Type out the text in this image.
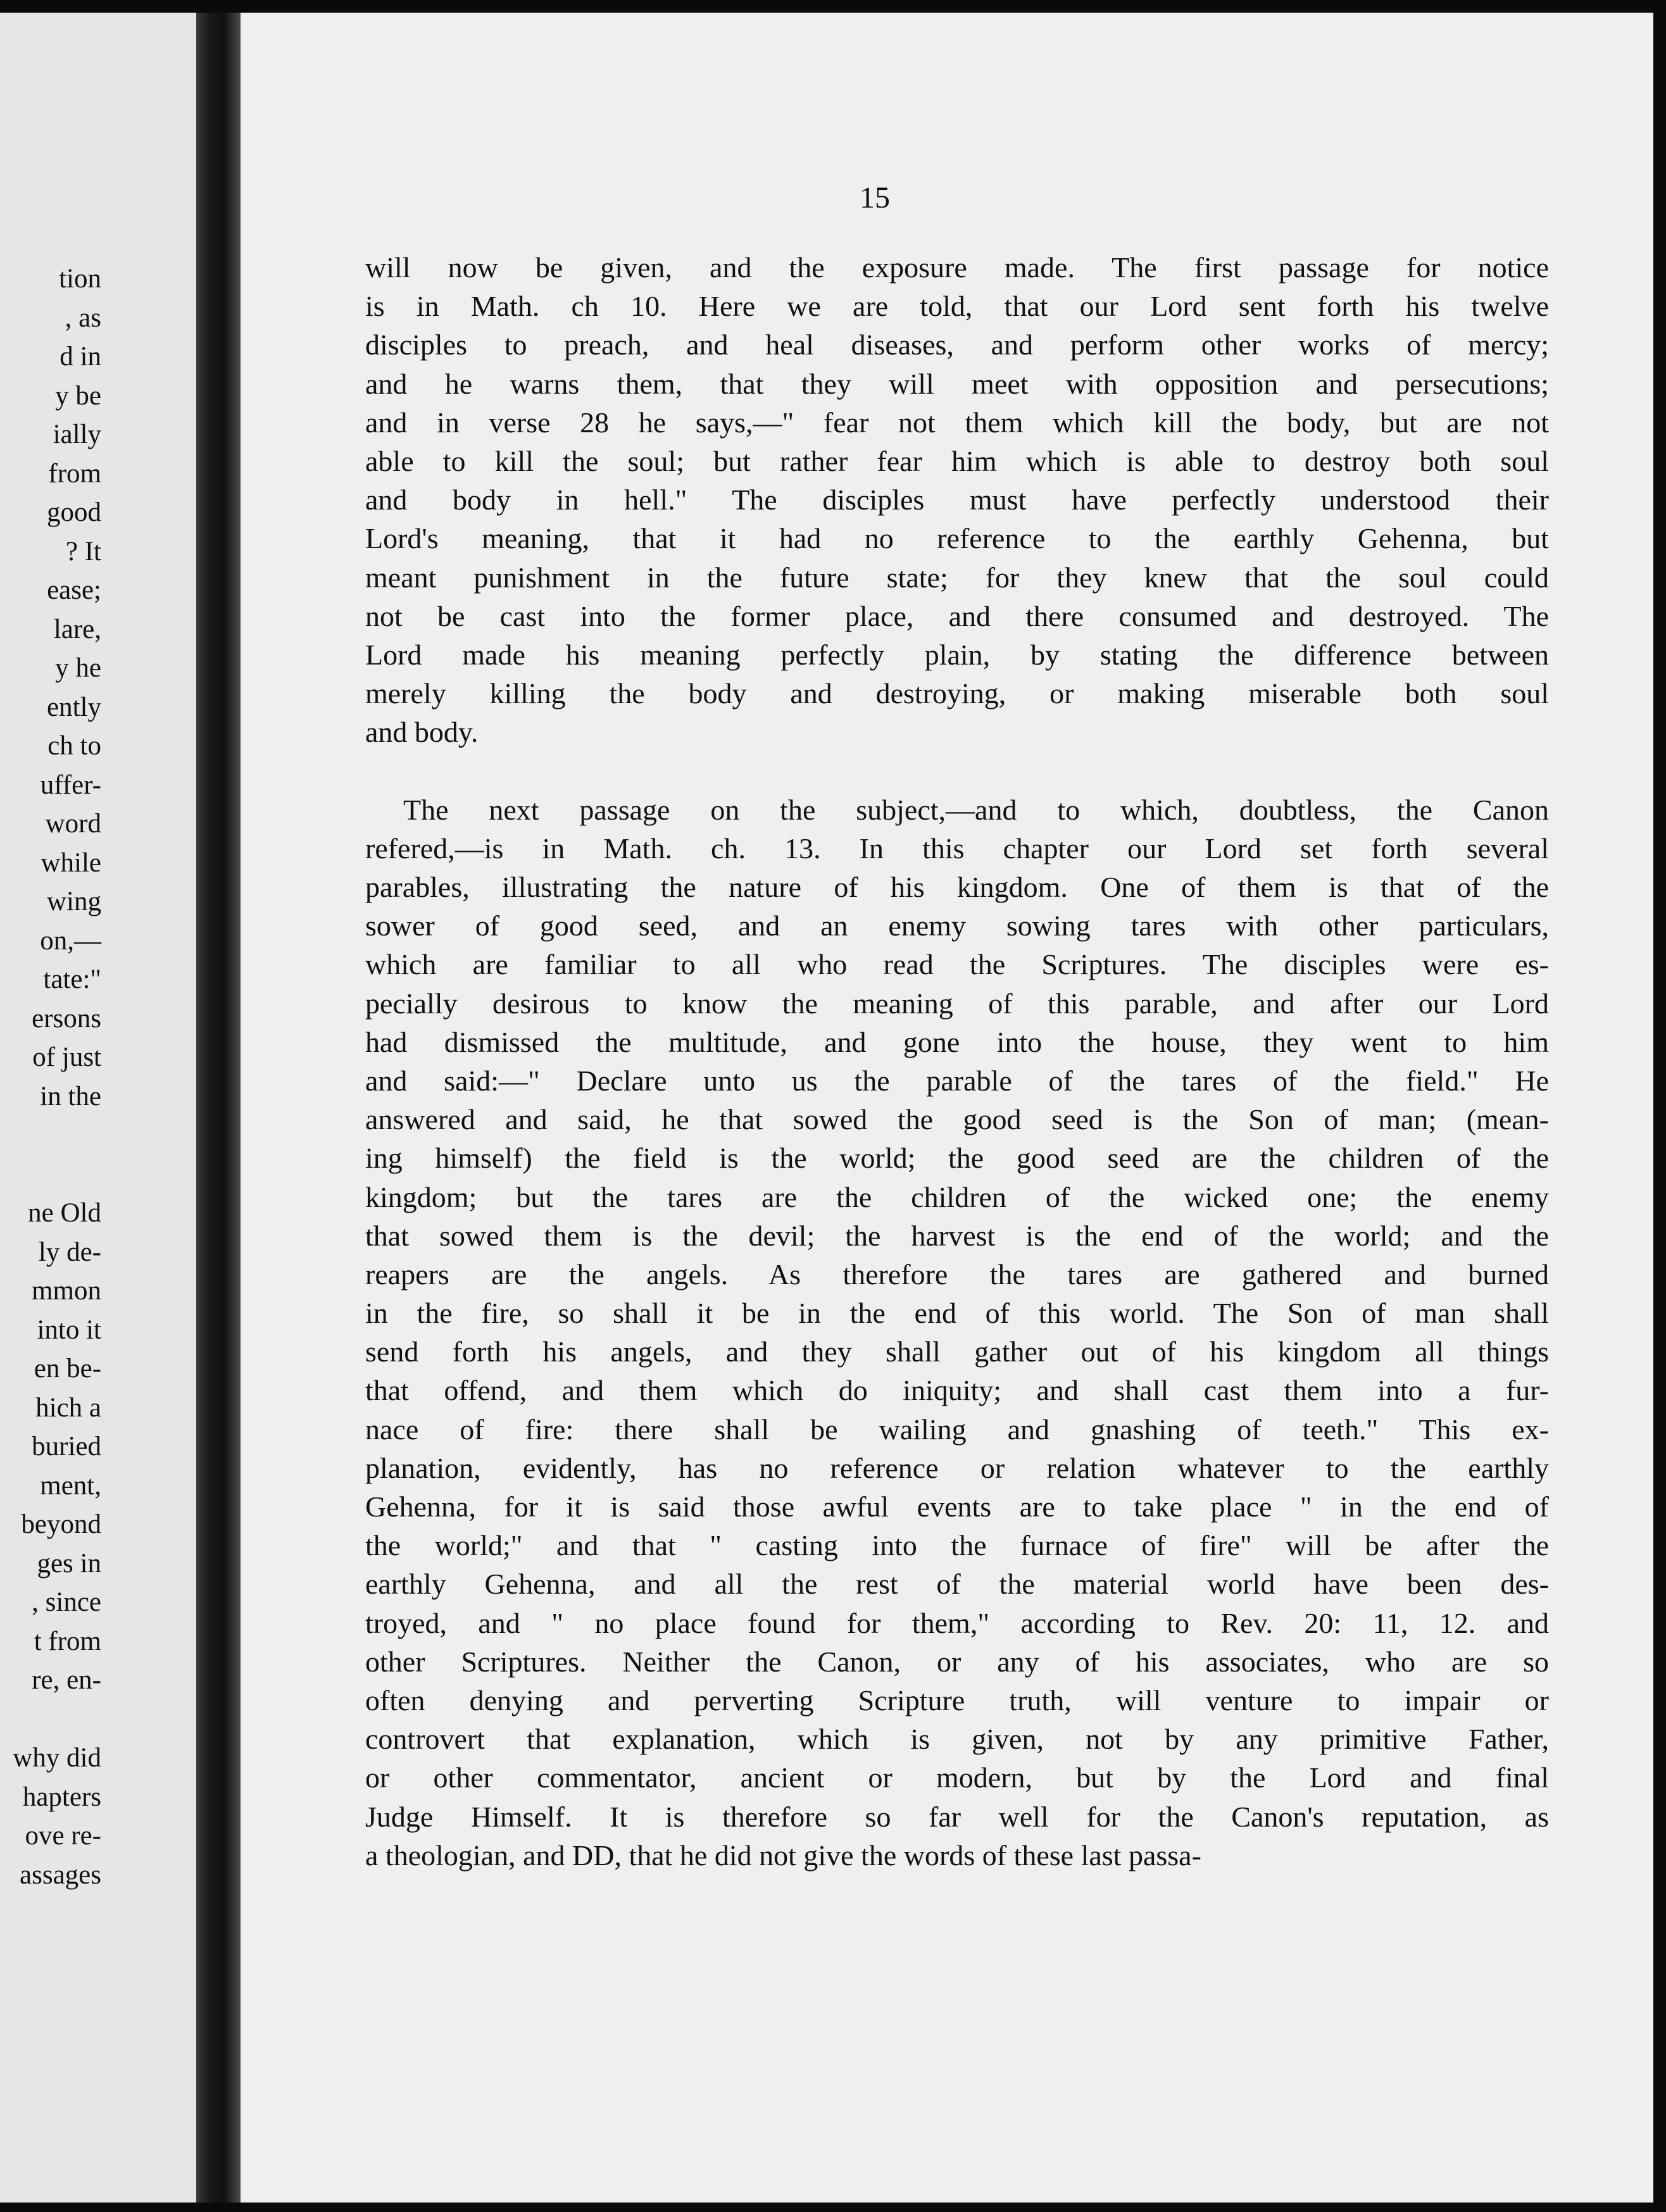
tion
, as
d in
y be
ially
from
good
? It
ease;
lare,
y he
ently
ch to
uffer-
word
while
wing
on,—
tate:"
ersons
of just
in the
ne Old
ly de-
mmon
into it
en be-
hich a
buried
ment,
beyond
ges in
, since
t from
re, en-
why did
hapters
ove re-
assages
15
will now be given, and the exposure made. The first passage for notice
is in Math. ch 10. Here we are told, that our Lord sent forth his twelve
disciples to preach, and heal diseases, and perform other works of mercy;
and he warns them, that they will meet with opposition and persecutions;
and in verse 28 he says,—" fear not them which kill the body, but are not
able to kill the soul; but rather fear him which is able to destroy both soul
and body in hell." The disciples must have perfectly understood their
Lord's meaning, that it had no reference to the earthly Gehenna, but
meant punishment in the future state; for they knew that the soul could
not be cast into the former place, and there consumed and destroyed. The
Lord made his meaning perfectly plain, by stating the difference between
merely killing the body and destroying, or making miserable both soul
and body.
The next passage on the subject,—and to which, doubtless, the Canon
refered,—is in Math. ch. 13. In this chapter our Lord set forth several
parables, illustrating the nature of his kingdom. One of them is that of the
sower of good seed, and an enemy sowing tares with other particulars,
which are familiar to all who read the Scriptures. The disciples were es-
pecially desirous to know the meaning of this parable, and after our Lord
had dismissed the multitude, and gone into the house, they went to him
and said:—" Declare unto us the parable of the tares of the field." He
answered and said, he that sowed the good seed is the Son of man; (mean-
ing himself) the field is the world; the good seed are the children of the
kingdom; but the tares are the children of the wicked one; the enemy
that sowed them is the devil; the harvest is the end of the world; and the
reapers are the angels. As therefore the tares are gathered and burned
in the fire, so shall it be in the end of this world. The Son of man shall
send forth his angels, and they shall gather out of his kingdom all things
that offend, and them which do iniquity; and shall cast them into a fur-
nace of fire: there shall be wailing and gnashing of teeth." This ex-
planation, evidently, has no reference or relation whatever to the earthly
Gehenna, for it is said those awful events are to take place " in the end of
the world;" and that " casting into the furnace of fire" will be after the
earthly Gehenna, and all the rest of the material world have been des-
troyed, and " no place found for them," according to Rev. 20: 11, 12. and
other Scriptures. Neither the Canon, or any of his associates, who are so
often denying and perverting Scripture truth, will venture to impair or
controvert that explanation, which is given, not by any primitive Father,
or other commentator, ancient or modern, but by the Lord and final
Judge Himself. It is therefore so far well for the Canon's reputation, as
a theologian, and DD, that he did not give the words of these last passa-
